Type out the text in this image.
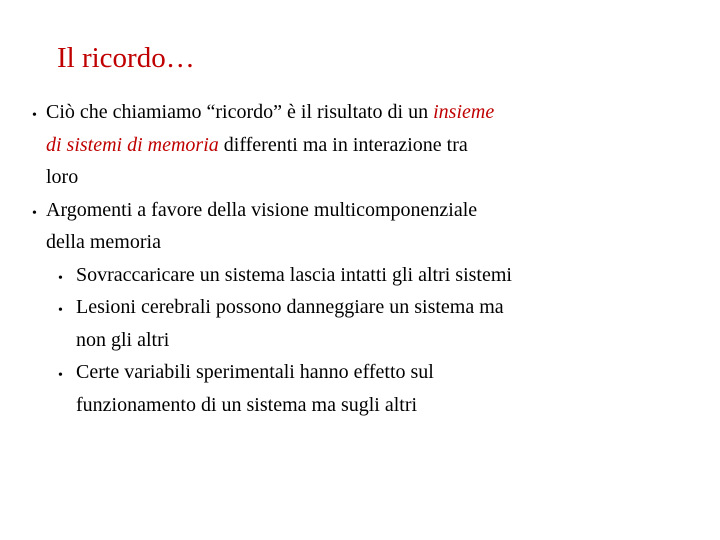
Il ricordo…
• Ciò che chiamiamo “ricordo” è il risultato di un insieme
di sistemi di memoria differenti ma in interazione tra
loro
• Argomenti a favore della visione multicomponenziale
della memoria
• Sovraccaricare un sistema lascia intatti gli altri sistemi
• Lesioni cerebrali possono danneggiare un sistema ma
non gli altri
• Certe variabili sperimentali hanno effetto sul
funzionamento di un sistema ma sugli altri
